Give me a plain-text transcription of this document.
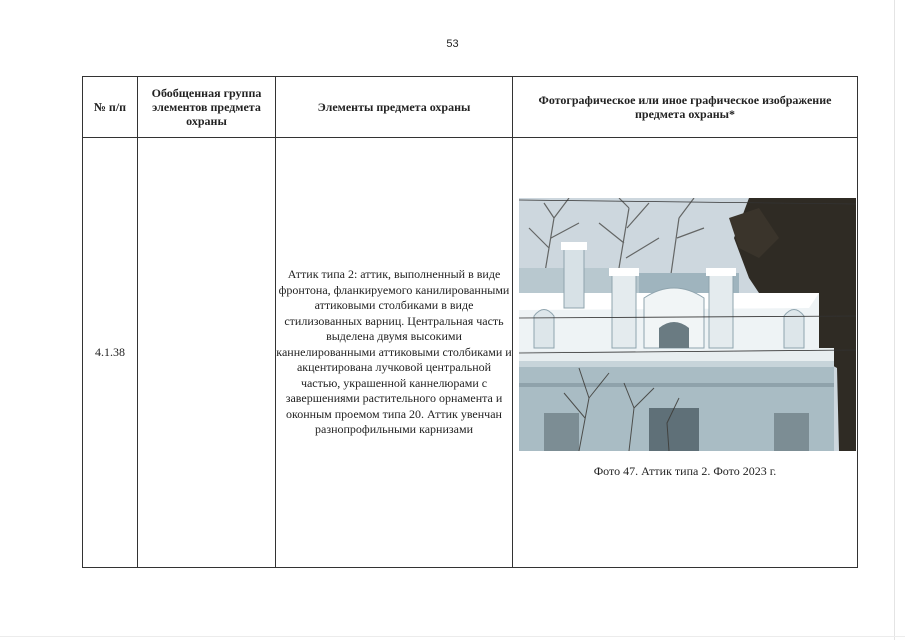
53
№ п/п	Обобщенная группа элементов предмета охраны	Элементы предмета охраны	Фотографическое или иное графическое изображение предмета охраны*
4.1.38		Аттик типа 2: аттик, выполненный в виде фронтона, фланкируемого канилированными аттиковыми столбиками в виде стилизованных варниц. Центральная часть выделена двумя высокими каннелированными аттиковыми столбиками и акцентирована лучковой центральной частью, украшенной каннелюрами с завершениями растительного орнамента и оконным проемом типа 20. Аттик увенчан разнопрофильными карнизами	Фото 47. Аттик типа 2. Фото 2023 г.
